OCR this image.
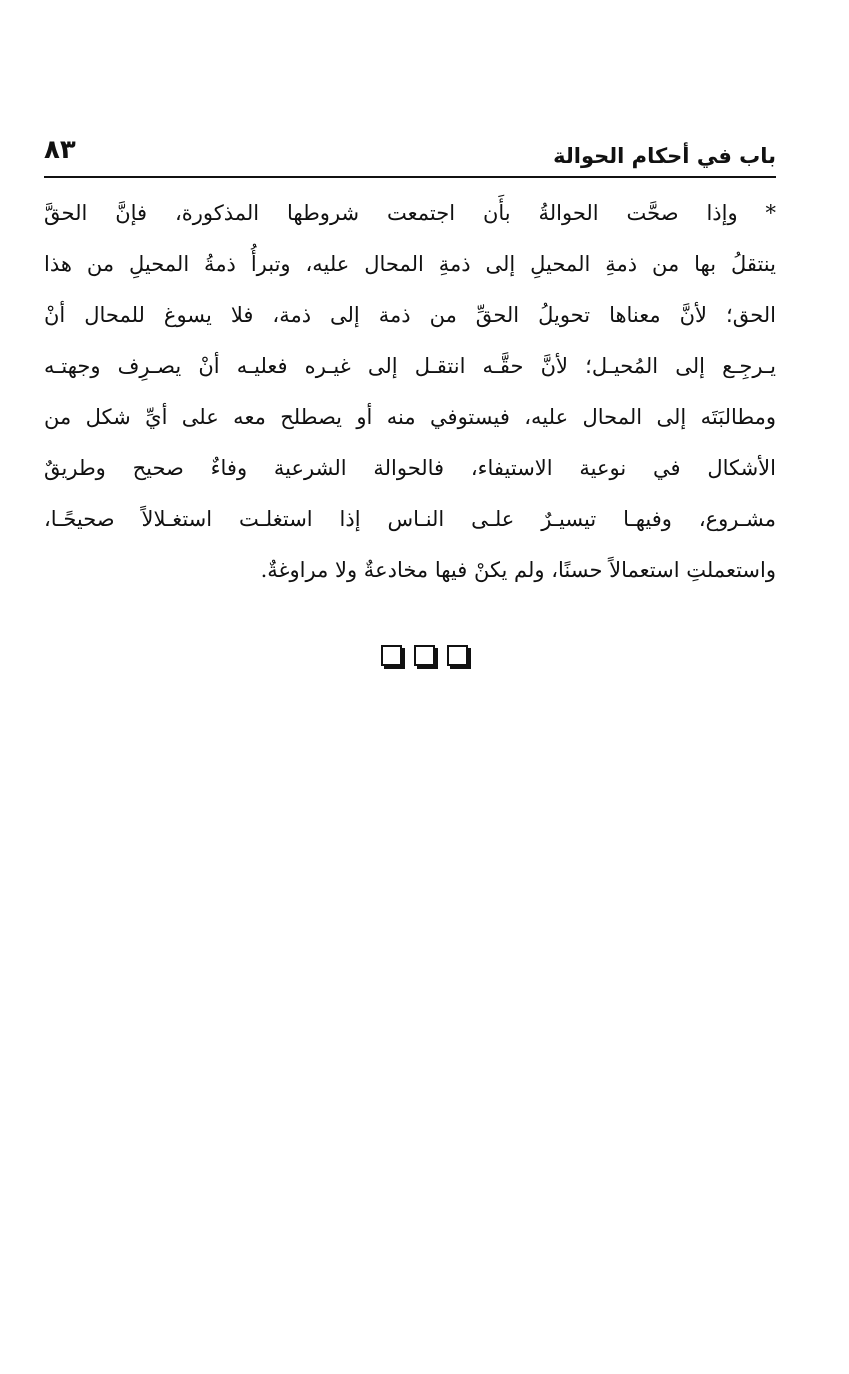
باب في أحكام الحوالة
٨٣
* وإذا صحَّت الحوالةُ بأَن اجتمعت شروطها المذكورة، فإنَّ الحقَّ
ينتقلُ بها من ذمةِ المحيلِ إلى ذمةِ المحال عليه، وتبرأُ ذمةُ المحيلِ من هذا
الحق؛ لأنَّ معناها تحويلُ الحقِّ من ذمة إلى ذمة، فلا يسوغ للمحال أنْ
يـرجِـع إلى المُحيـل؛ لأنَّ حقَّـه انتقـل إلى غيـره فعليـه أنْ يصـرِف وجهتـه
ومطالبَتَه إلى المحال عليه، فيستوفي منه أو يصطلح معه على أيِّ شكل من
الأشكال في نوعية الاستيفاء، فالحوالة الشرعية وفاءٌ صحيح وطريقٌ
مشـروع، وفيهـا تيسيـرٌ علـى النـاس إذا استغلـت استغـلالاً صحيحًـا،
واستعملتِ استعمالاً حسنًا، ولم يكنْ فيها مخادعةٌ ولا مراوغةٌ.
